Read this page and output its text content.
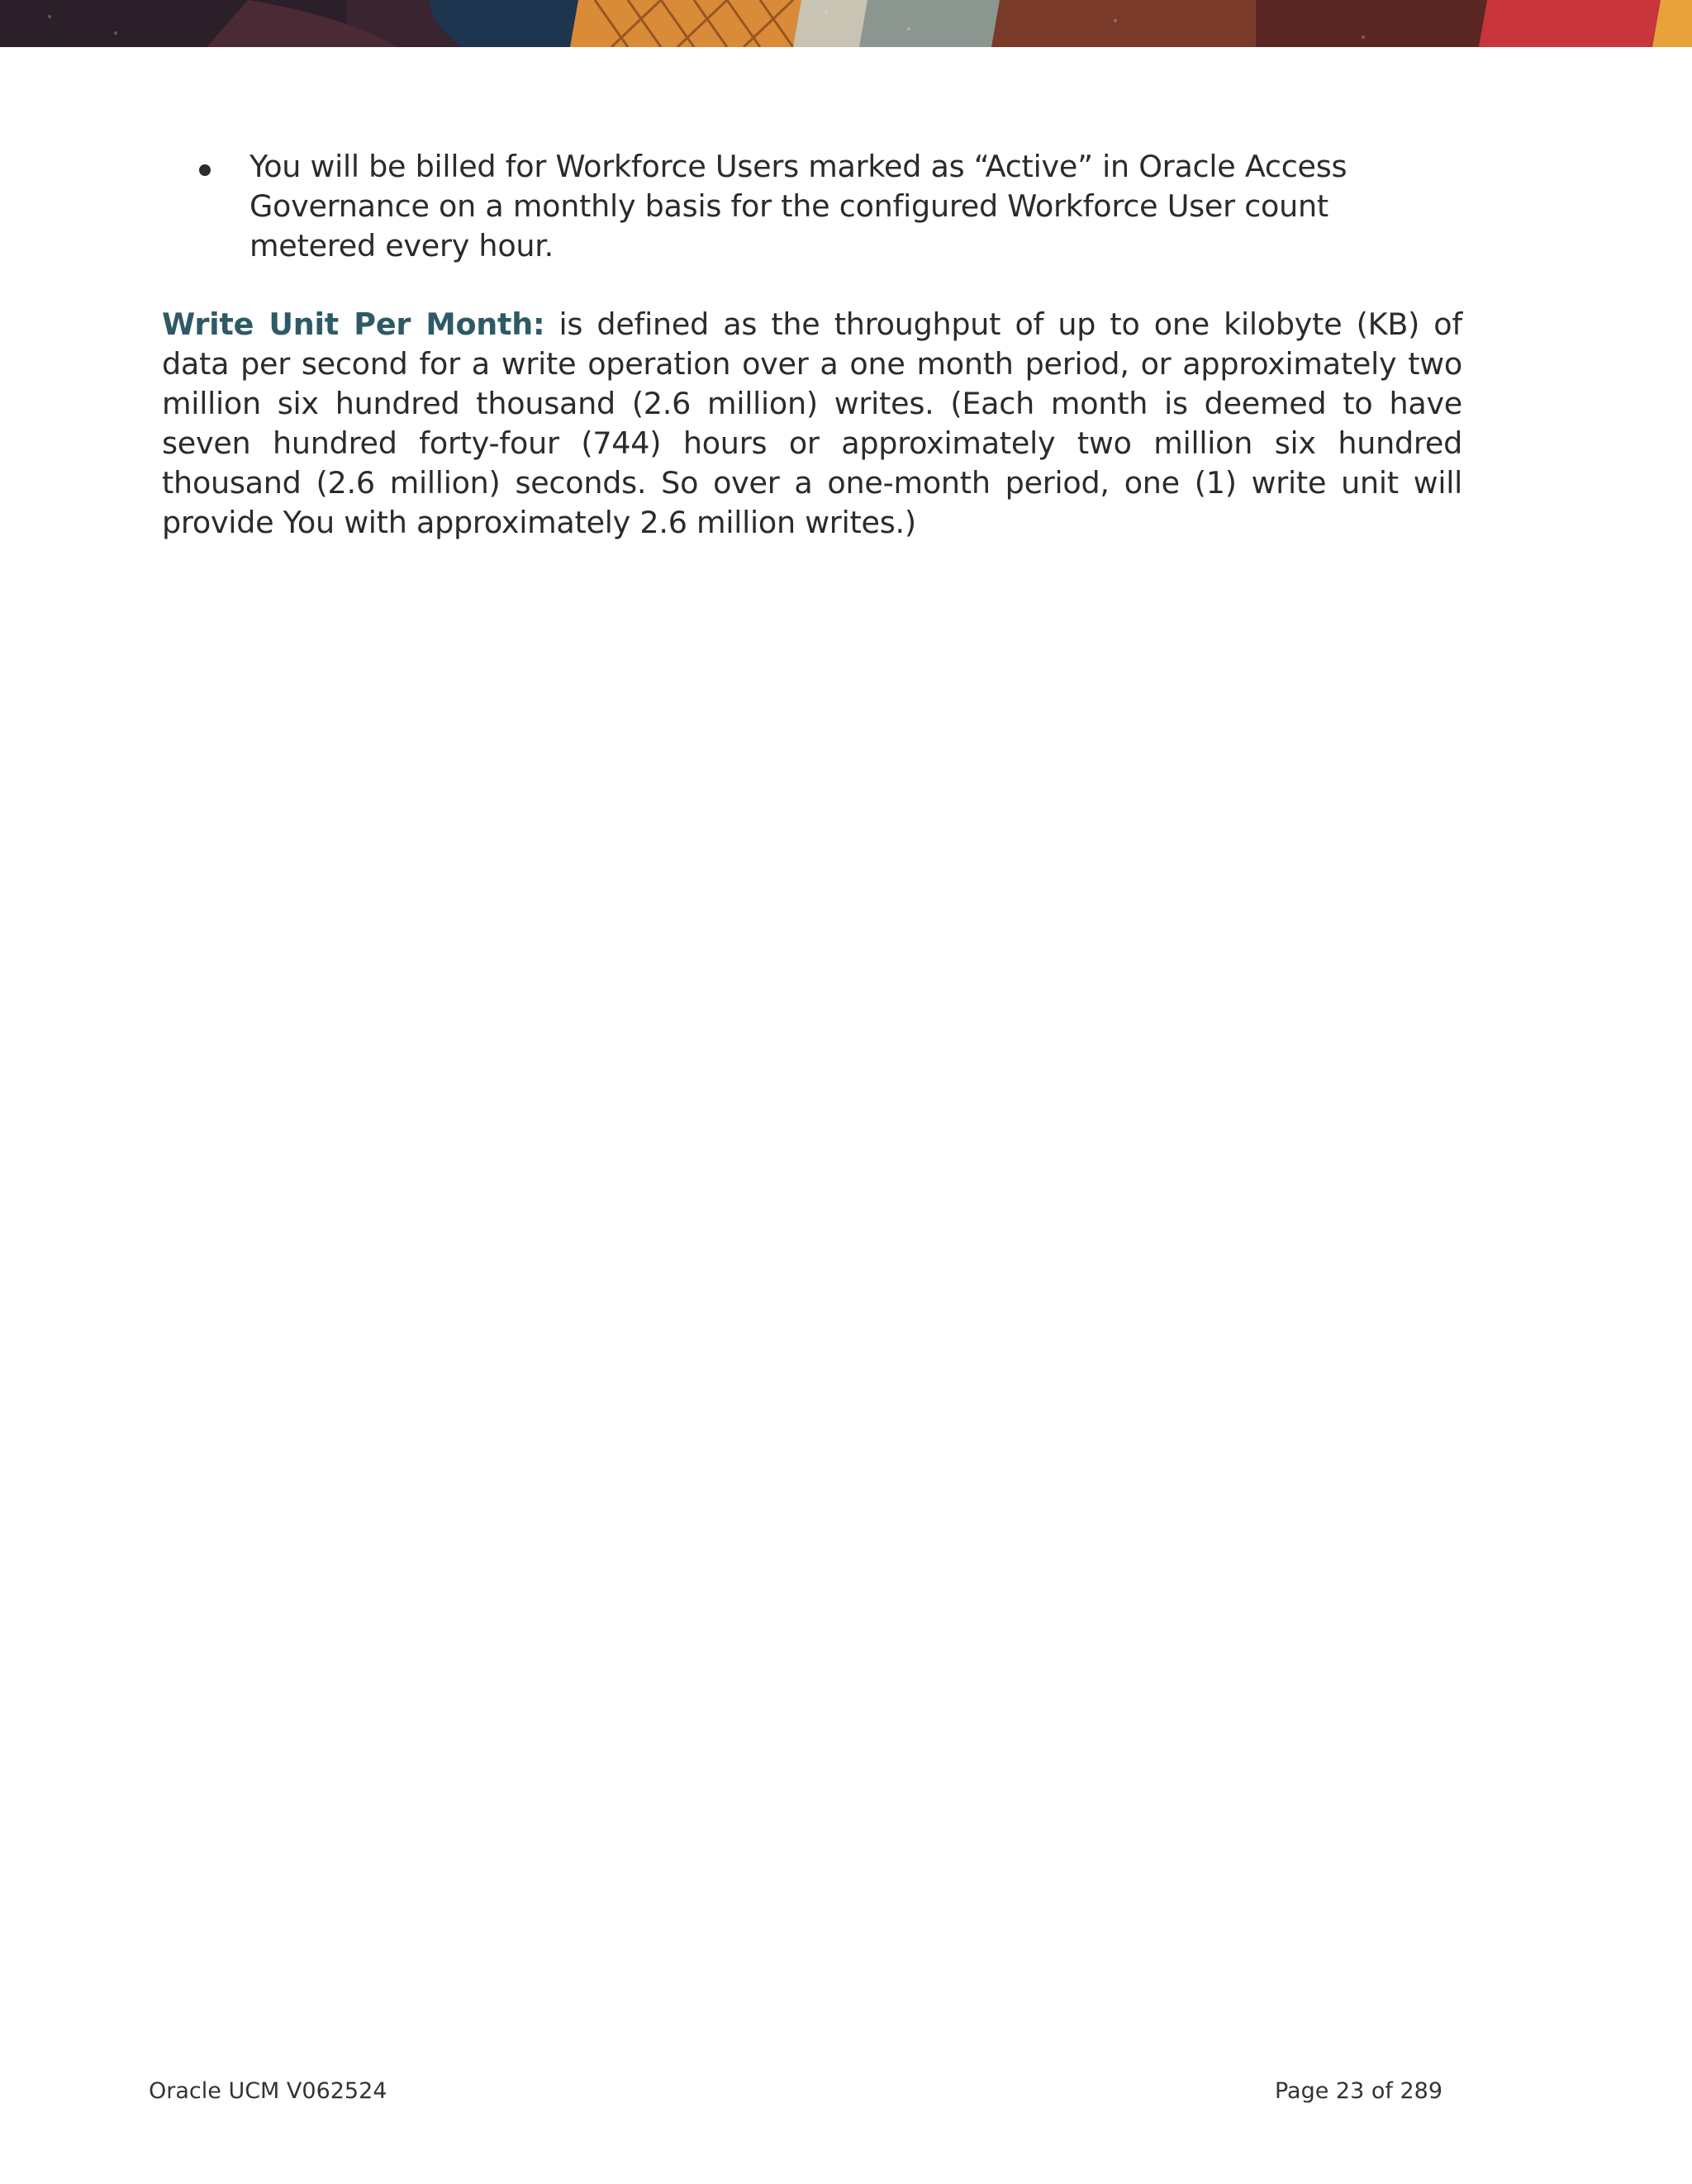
You will be billed for Workforce Users marked as “Active” in Oracle Access Governance on a monthly basis for the configured Workforce User count metered every hour.

Write Unit Per Month: is defined as the throughput of up to one kilobyte (KB) of data per second for a write operation over a one month period, or approximately two million six hundred thousand (2.6 million) writes. (Each month is deemed to have seven hundred forty-four (744) hours or approximately two million six hundred thousand (2.6 million) seconds. So over a one-month period, one (1) write unit will provide You with approximately 2.6 million writes.)

Oracle UCM V062524	Page 23 of 289
